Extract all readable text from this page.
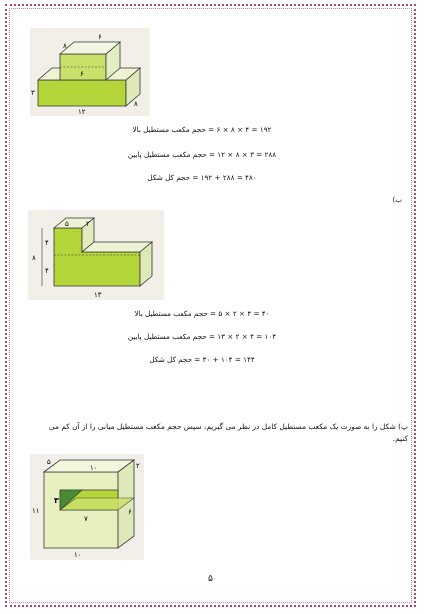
۶
۸
۶
۳
۸
۱۲
۱۹۲ = ۴ × ۸ × ۶ = حجم مکعب مستطیل بالا
۲۸۸ = ۳ × ۸ × ۱۲ = حجم مکعب مستطیل پایین
۴۸۰ = ۲۸۸ + ۱۹۲ = حجم کل شکل
ب)
۵ ۲
۴
۴
۸
۱۳
۴۰ = ۴ × ۲ × ۵ = حجم مکعب مستطیل بالا
۱۰۴ = ۴ × ۲ × ۱۳ = حجم مکعب مستطیل پایین
۱۴۴ = ۱۰۴ + ۴۰ = حجم کل شکل
پ) شکل را به صورت یک مکعب مستطیل کامل در نظر می گیریم، سپس حجم مکعب مستطیل میانی را از آن کم می کنیم.
۵
۱۰	۲
۳
۷
۶
۱۱
۱۰
۵
